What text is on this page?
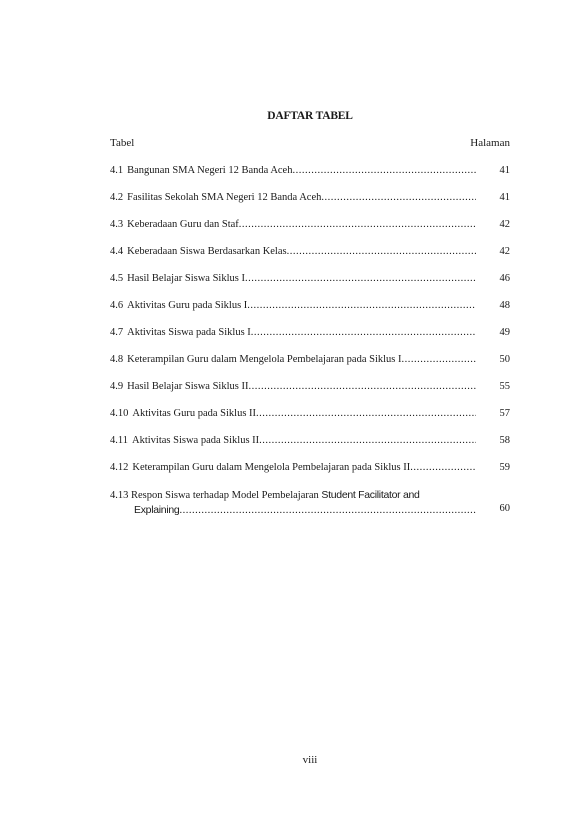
DAFTAR TABEL
Tabel	Halaman
4.1 Bangunan SMA Negeri 12 Banda Aceh .....	41
4.2 Fasilitas Sekolah SMA Negeri 12 Banda Aceh .....	41
4.3 Keberadaan Guru dan Staf .....	42
4.4 Keberadaan Siswa Berdasarkan Kelas .....	42
4.5 Hasil Belajar Siswa Siklus I .....	46
4.6 Aktivitas Guru pada Siklus I .....	48
4.7 Aktivitas Siswa pada Siklus I .....	49
4.8 Keterampilan Guru dalam Mengelola Pembelajaran pada Siklus I .....	50
4.9 Hasil Belajar Siswa Siklus II .....	55
4.10 Aktivitas Guru pada Siklus II .....	57
4.11 Aktivitas Siswa pada Siklus II .....	58
4.12 Keterampilan Guru dalam Mengelola Pembelajaran pada Siklus II .....	59
4.13 Respon Siswa terhadap Model Pembelajaran Student Facilitator and
Explaining .....	60
viii
